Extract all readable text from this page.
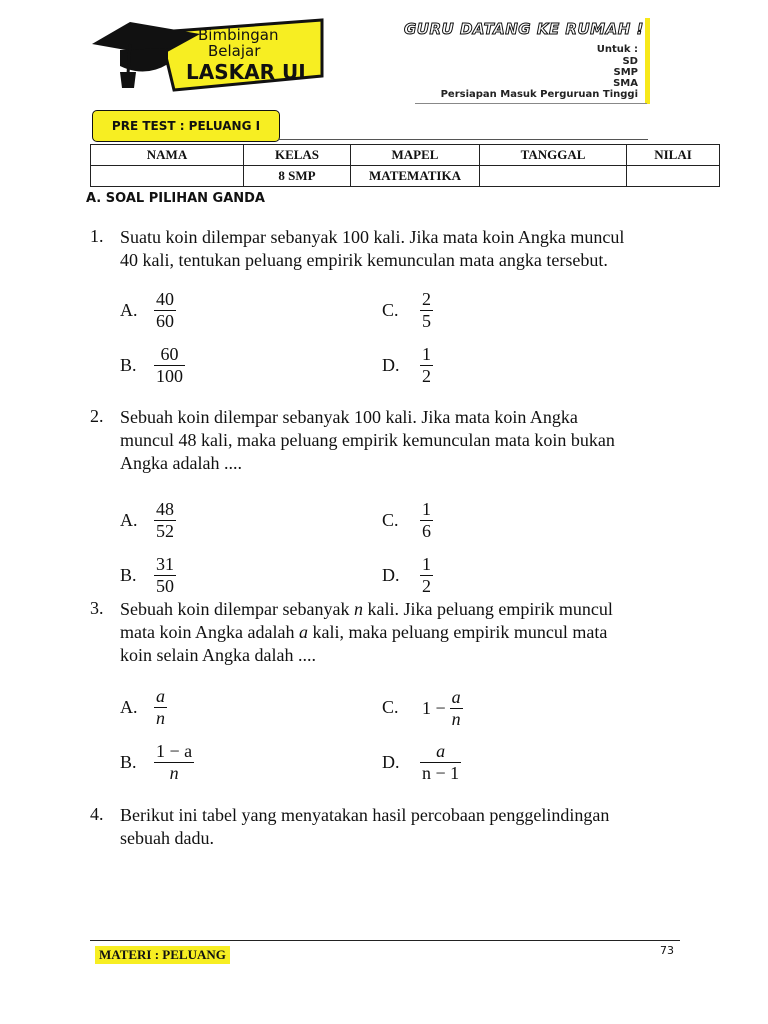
Bimbingan
Belajar
LASKAR UI
GURU DATANG KE RUMAH !
Untuk :
SD
SMP
SMA
Persiapan Masuk Perguruan Tinggi
PRE TEST : PELUANG I
NAMA	KELAS	MAPEL	TANGGAL	NILAI
	8 SMP	MATEMATIKA		
A. SOAL PILIHAN GANDA
1. Suatu koin dilempar sebanyak 100 kali. Jika mata koin Angka muncul
40 kali, tentukan peluang empirik kemunculan mata angka tersebut.
A.
40
60
C.
2
5
B.
60
100
D.
1
2
2. Sebuah koin dilempar sebanyak 100 kali. Jika mata koin Angka
muncul 48 kali, maka peluang empirik kemunculan mata koin bukan
Angka adalah ....
A.
48
52
C.
1
6
B.
31
50
D.
1
2
3. Sebuah koin dilempar sebanyak n kali. Jika peluang empirik muncul
mata koin Angka adalah a kali, maka peluang empirik muncul mata
koin selain Angka dalah ....
A.
a
n
C. $1 - \frac{a}{n}$
B.
1 − a
n
D.
a
n − 1
4. Berikut ini tabel yang menyatakan hasil percobaan penggelindingan
sebuah dadu.
MATERI : PELUANG	73
